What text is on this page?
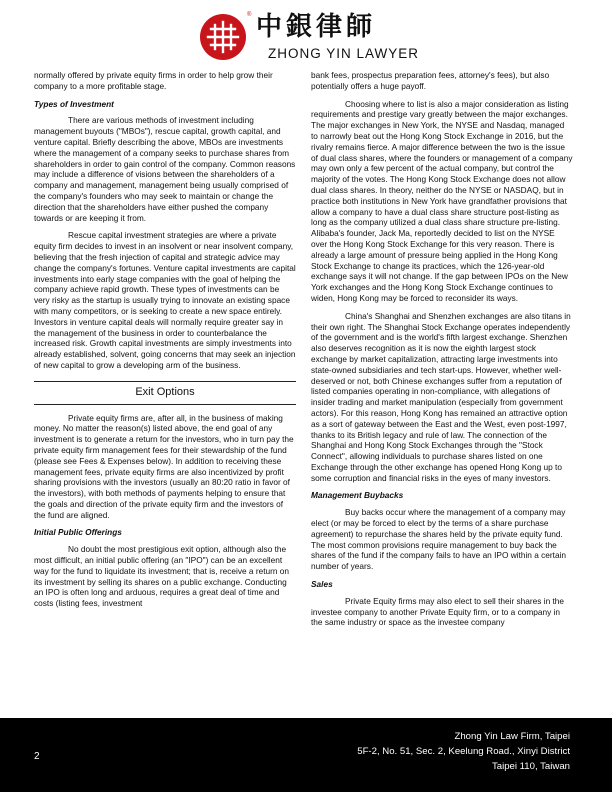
® 中銀律師
ZHONG YIN LAWYER

normally offered by private equity firms in order to help grow their company to a more profitable stage.

Types of Investment

There are various methods of investment including management buyouts ("MBOs"), rescue capital, growth capital, and venture capital. Briefly describing the above, MBOs are investments where the management of a company seeks to purchase shares from shareholders in order to gain control of the company. Common reasons may include a difference of visions between the shareholders of a company and management, management being usually comprised of the company's founders who may seek to maintain or change the direction that the shareholders have either pushed the company towards or are keeping it from.

Rescue capital investment strategies are where a private equity firm decides to invest in an insolvent or near insolvent company, believing that the fresh injection of capital and strategic advice may change the company's fortunes. Venture capital investments are capital investments into early stage companies with the goal of helping the company achieve rapid growth. These types of investments can be very risky as the startup is usually trying to innovate an existing space with many competitors, or is seeking to create a new space entirely. Investors in venture capital deals will normally require greater say in the management of the business in order to counterbalance the increased risk. Growth capital investments are simply investments into already established, solvent, going concerns that may seek an injection of new capital to grow a developing arm of the business.

Exit Options

Private equity firms are, after all, in the business of making money. No matter the reason(s) listed above, the end goal of any investment is to generate a return for the investors, who in turn pay the private equity firm management fees for their stewardship of the fund (please see Fees & Expenses below). In addition to receiving these management fees, private equity firms are also incentivized by profit sharing provisions with the investors (usually an 80:20 ratio in favor of the investors), with both methods of payments helping to ensure that the goals and direction of the private equity firm and the investors of the fund are aligned.

Initial Public Offerings

No doubt the most prestigious exit option, although also the most difficult, an initial public offering (an "IPO") can be an excellent way for the fund to liquidate its investment; that is, receive a return on its investment by selling its shares on a public exchange. Conducting an IPO is often long and arduous, requires a great deal of time and costs (listing fees, investment

bank fees, prospectus preparation fees, attorney's fees), but also potentially offers a huge payoff.

Choosing where to list is also a major consideration as listing requirements and prestige vary greatly between the major exchanges. The major exchanges in New York, the NYSE and Nasdaq, managed to narrowly beat out the Hong Kong Stock Exchange in 2016, but the rivalry remains fierce. A major difference between the two is the issue of dual class shares, where the founders or management of a company may own only a few percent of the actual company, but control the majority of the votes. The Hong Kong Stock Exchange does not allow dual class shares. In theory, neither do the NYSE or NASDAQ, but in practice both institutions in New York have grandfather provisions that allow a company to have a dual class share structure post-listing as long as the company utilized a dual class share structure pre-listing. Alibaba's founder, Jack Ma, reportedly decided to list on the NYSE over the Hong Kong Stock Exchange for this very reason. There is already a large amount of pressure being applied in the Hong Kong Stock Exchange to change its practices, which the 126-year-old exchange says it will not change. If the gap between IPOs on the New York exchanges and the Hong Kong Stock Exchange continues to widen, Hong Kong may be forced to reconsider its ways.

China's Shanghai and Shenzhen exchanges are also titans in their own right. The Shanghai Stock Exchange operates independently of the government and is the world's fifth largest exchange. Shenzhen also deserves recognition as it is now the eighth largest stock exchange by market capitalization, attracting large investments into state-owned subsidiaries and tech start-ups. However, whether well-deserved or not, both Chinese exchanges suffer from a reputation of listed companies operating in non-compliance, with allegations of insider trading and market manipulation (especially from government actors). For this reason, Hong Kong has remained an attractive option as a sort of gateway between the East and the West, even post-1997, thanks to its British legacy and rule of law. The connection of the Shanghai and Hong Kong Stock Exchanges through the "Stock Connect", allowing individuals to purchase shares listed on one Exchange through the other exchange has opened Hong Kong up to some corruption and financial risks in the eyes of many investors.

Management Buybacks

Buy backs occur where the management of a company may elect (or may be forced to elect by the terms of a share purchase agreement) to repurchase the shares held by the private equity fund. The most common provisions require management to buy back the shares of the fund if the company fails to have an IPO within a certain number of years.

Sales

Private Equity firms may also elect to sell their shares in the investee company to another Private Equity firm, or to a company in the same industry or space as the investee company

2
Zhong Yin Law Firm, Taipei
5F-2, No. 51, Sec. 2, Keelung Road., Xinyi District
Taipei 110, Taiwan
